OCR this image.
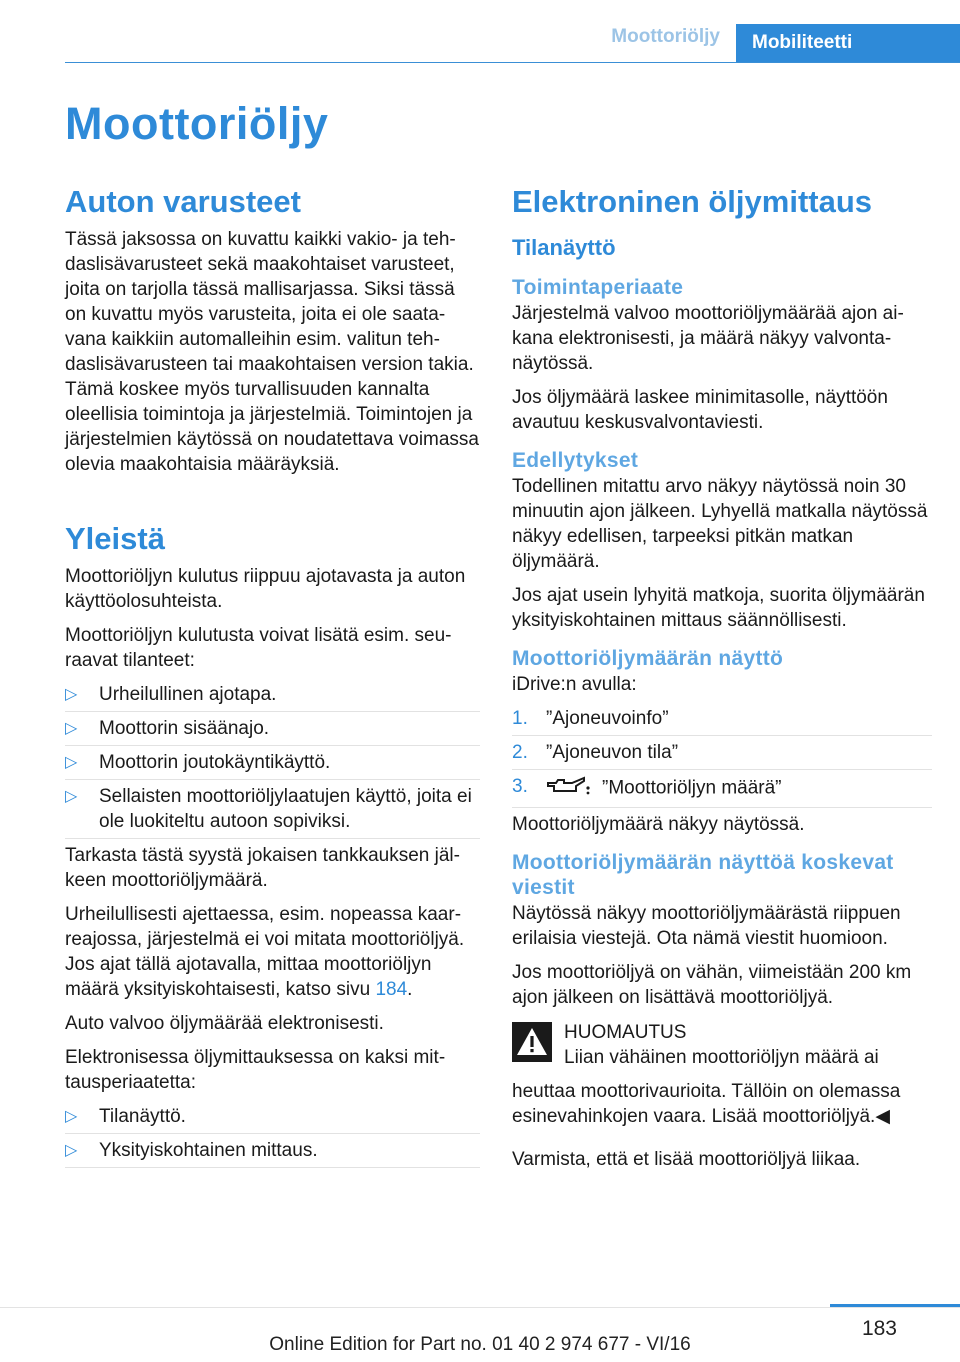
Moottoriöljy	Mobiliteetti
Moottoriöljy
Auton varusteet

Tässä jaksossa on kuvattu kaikki vakio- ja tehdaslisävarusteet sekä maakohtaiset varusteet, joita on tarjolla tässä mallisarjassa. Siksi tässä on kuvattu myös varusteita, joita ei ole saatavana kaikkiin automalleihin esim. valitun tehdaslisävarusteen tai maakohtaisen version takia. Tämä koskee myös turvallisuuden kannalta oleellisia toimintoja ja järjestelmiä. Toimintojen ja järjestelmien käytössä on noudatettava voimassa olevia maakohtaisia määräyksiä.

Yleistä

Moottoriöljyn kulutus riippuu ajotavasta ja auton käyttöolosuhteista.

Moottoriöljyn kulutusta voivat lisätä esim. seuraavat tilanteet:

▷ Urheilullinen ajotapa.
▷ Moottorin sisäänajo.
▷ Moottorin joutokäyntikäyttö.
▷ Sellaisten moottoriöljylaatujen käyttö, joita ei ole luokiteltu autoon sopiviksi.

Tarkasta tästä syystä jokaisen tankkauksen jälkeen moottoriöljymäärä.

Urheilullisesti ajettaessa, esim. nopeassa kaarreajossa, järjestelmä ei voi mitata moottoriöljyä. Jos ajat tällä ajotavalla, mittaa moottoriöljyn määrä yksityiskohtaisesti, katso sivu 184.

Auto valvoo öljymäärää elektronisesti.

Elektronisessa öljymittauksessa on kaksi mittausperiaatetta:

▷ Tilanäyttö.
▷ Yksityiskohtainen mittaus.
Elektroninen öljymittaus
Tilanäyttö
Toimintaperiaate

Järjestelmä valvoo moottoriöljymäärää ajon aikana elektronisesti, ja määrä näkyy valvontanäytössä.

Jos öljymäärä laskee minimitasolle, näyttöön avautuu keskusvalvontaviesti.

Edellytykset

Todellinen mitattu arvo näkyy näytössä noin 30 minuutin ajon jälkeen. Lyhyellä matkalla näytössä näkyy edellisen, tarpeeksi pitkän matkan öljymäärä.

Jos ajat usein lyhyitä matkoja, suorita öljymäärän yksityiskohtainen mittaus säännöllisesti.

Moottoriöljymäärän näyttö

iDrive:n avulla:

1. ”Ajoneuvoinfo”
2. ”Ajoneuvon tila”
3.	”Moottoriöljyn määrä”

Moottoriöljymäärä näkyy näytössä.

Moottoriöljymäärän näyttöä koskevat viestit

Näytössä näkyy moottoriöljymäärästä riippuen erilaisia viestejä. Ota nämä viestit huomioon.

Jos moottoriöljyä on vähän, viimeistään 200 km ajon jälkeen on lisättävä moottoriöljyä.

HUOMAUTUS
Liian vähäinen moottoriöljyn määrä ai

heuttaa moottorivaurioita. Tällöin on olemassa esinevahinkojen vaara. Lisää moottoriöljyä.◀

Varmista, että et lisää moottoriöljyä liikaa.

183
Online Edition for Part no. 01 40 2 974 677 - VI/16
